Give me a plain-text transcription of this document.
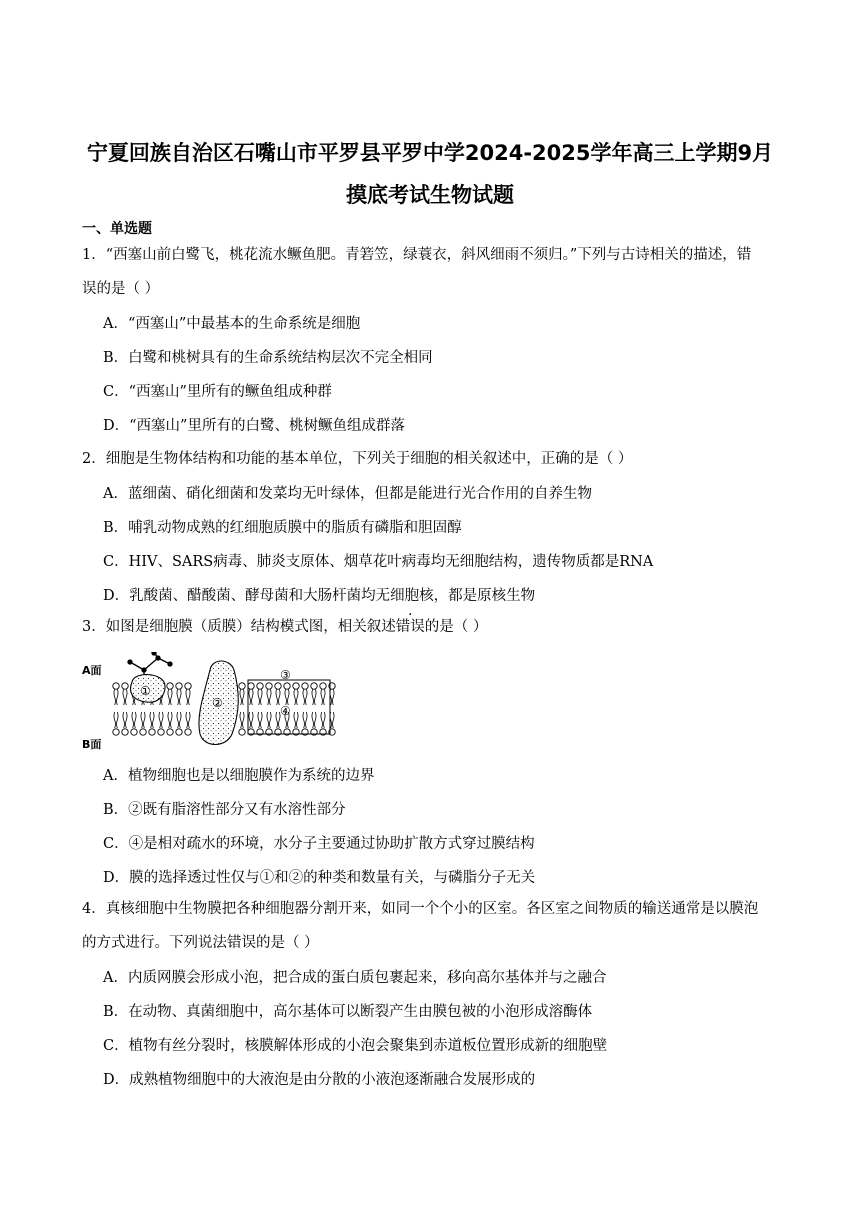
宁夏回族自治区石嘴山市平罗县平罗中学2024-2025学年高三上学期9月
摸底考试生物试题
一、单选题
1．“西塞山前白鹭飞，桃花流水鳜鱼肥。青箬笠，绿蓑衣，斜风细雨不须归。”下列与古诗相关的描述，错
误的是（ ）
A．“西塞山”中最基本的生命系统是细胞
B．白鹭和桃树具有的生命系统结构层次不完全相同
C．“西塞山”里所有的鳜鱼组成种群
D．“西塞山”里所有的白鹭、桃树鳜鱼组成群落
2．细胞是生物体结构和功能的基本单位，下列关于细胞的相关叙述中，正确的是（ ）
A．蓝细菌、硝化细菌和发菜均无叶绿体，但都是能进行光合作用的自养生物
B．哺乳动物成熟的红细胞质膜中的脂质有磷脂和胆固醇
C．HIV、SARS病毒、肺炎支原体、烟草花叶病毒均无细胞结构，遗传物质都是RNA
D．乳酸菌、醋酸菌、酵母菌和大肠杆菌均无细胞核，都是原核生物
3．如图是细胞膜（质膜）结构模式图，相关叙述错误的是（ ）
A面
B面
①
②
③
④
A．植物细胞也是以细胞膜作为系统的边界
B．②既有脂溶性部分又有水溶性部分
C．④是相对疏水的环境，水分子主要通过协助扩散方式穿过膜结构
D．膜的选择透过性仅与①和②的种类和数量有关，与磷脂分子无关
4．真核细胞中生物膜把各种细胞器分割开来，如同一个个小的区室。各区室之间物质的输送通常是以膜泡
的方式进行。下列说法错误的是（ ）
A．内质网膜会形成小泡，把合成的蛋白质包裹起来，移向高尔基体并与之融合
B．在动物、真菌细胞中，高尔基体可以断裂产生由膜包被的小泡形成溶酶体
C．植物有丝分裂时，核膜解体形成的小泡会聚集到赤道板位置形成新的细胞壁
D．成熟植物细胞中的大液泡是由分散的小液泡逐渐融合发展形成的
